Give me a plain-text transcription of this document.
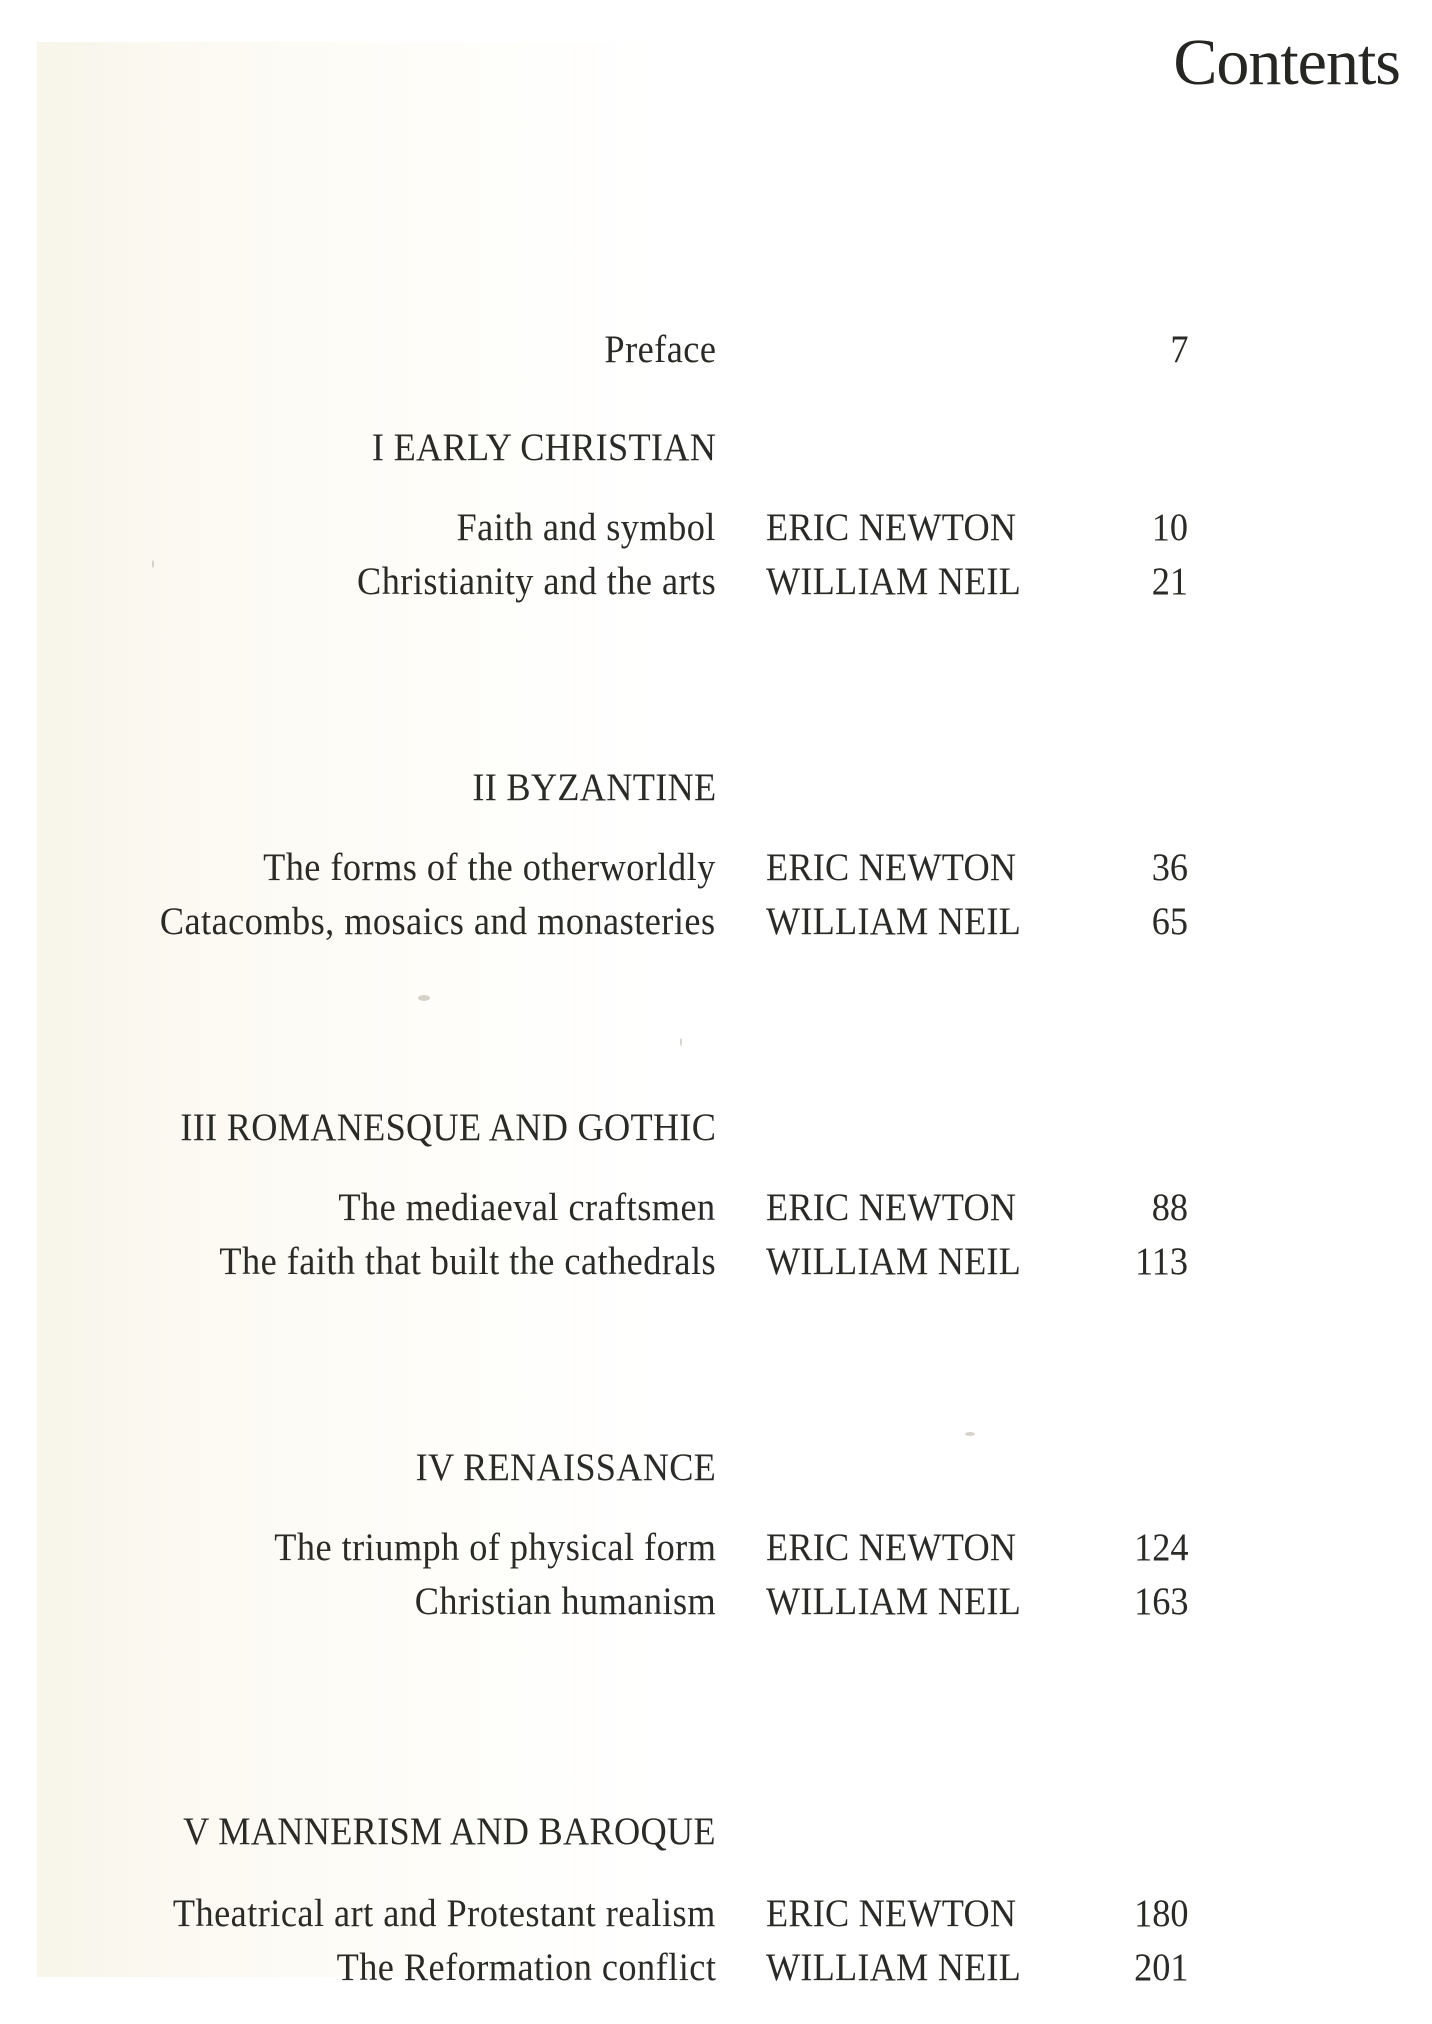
Contents
Preface	7
I EARLY CHRISTIAN
Faith and symbol ERIC NEWTON	10
Christianity and the arts WILLIAM NEIL	21
II BYZANTINE
The forms of the otherworldly ERIC NEWTON	36
Catacombs, mosaics and monasteries WILLIAM NEIL	65
III ROMANESQUE AND GOTHIC
The mediaeval craftsmen ERIC NEWTON	88
The faith that built the cathedrals WILLIAM NEIL	113
IV RENAISSANCE
The triumph of physical form ERIC NEWTON	124
Christian humanism WILLIAM NEIL	163
V MANNERISM AND BAROQUE
Theatrical art and Protestant realism ERIC NEWTON	180
The Reformation conflict WILLIAM NEIL	201
